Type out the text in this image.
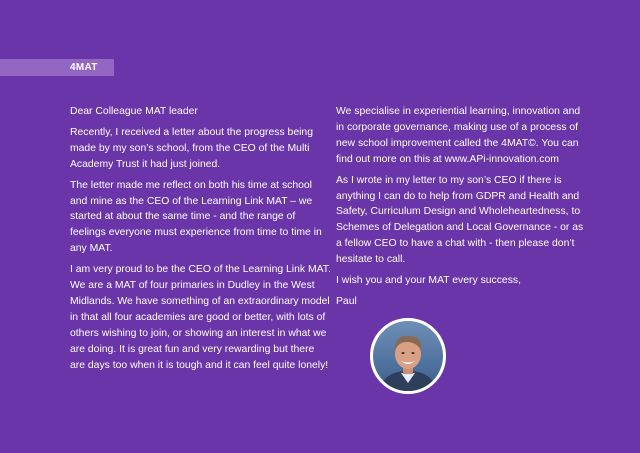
4MAT

Dear Colleague MAT leader

Recently, I received a letter about the progress being made by my son’s school, from the CEO of the Multi Academy Trust it had just joined.

The letter made me reflect on both his time at school and mine as the CEO of the Learning Link MAT – we started at about the same time - and the range of feelings everyone must experience from time to time in any MAT.

I am very proud to be the CEO of the Learning Link MAT. We are a MAT of four primaries in Dudley in the West Midlands. We have something of an extraordinary model in that all four academies are good or better, with lots of others wishing to join, or showing an interest in what we are doing. It is great fun and very rewarding but there are days too when it is tough and it can feel quite lonely!

We specialise in experiential learning, innovation and in corporate governance, making use of a process of new school improvement called the 4MAT©. You can find out more on this at www.APi-innovation.com

As I wrote in my letter to my son’s CEO if there is anything I can do to help from GDPR and Health and Safety, Curriculum Design and Wholeheartedness, to Schemes of Delegation and Local Governance - or as a fellow CEO to have a chat with - then please don’t hesitate to call.

I wish you and your MAT every success,

Paul
